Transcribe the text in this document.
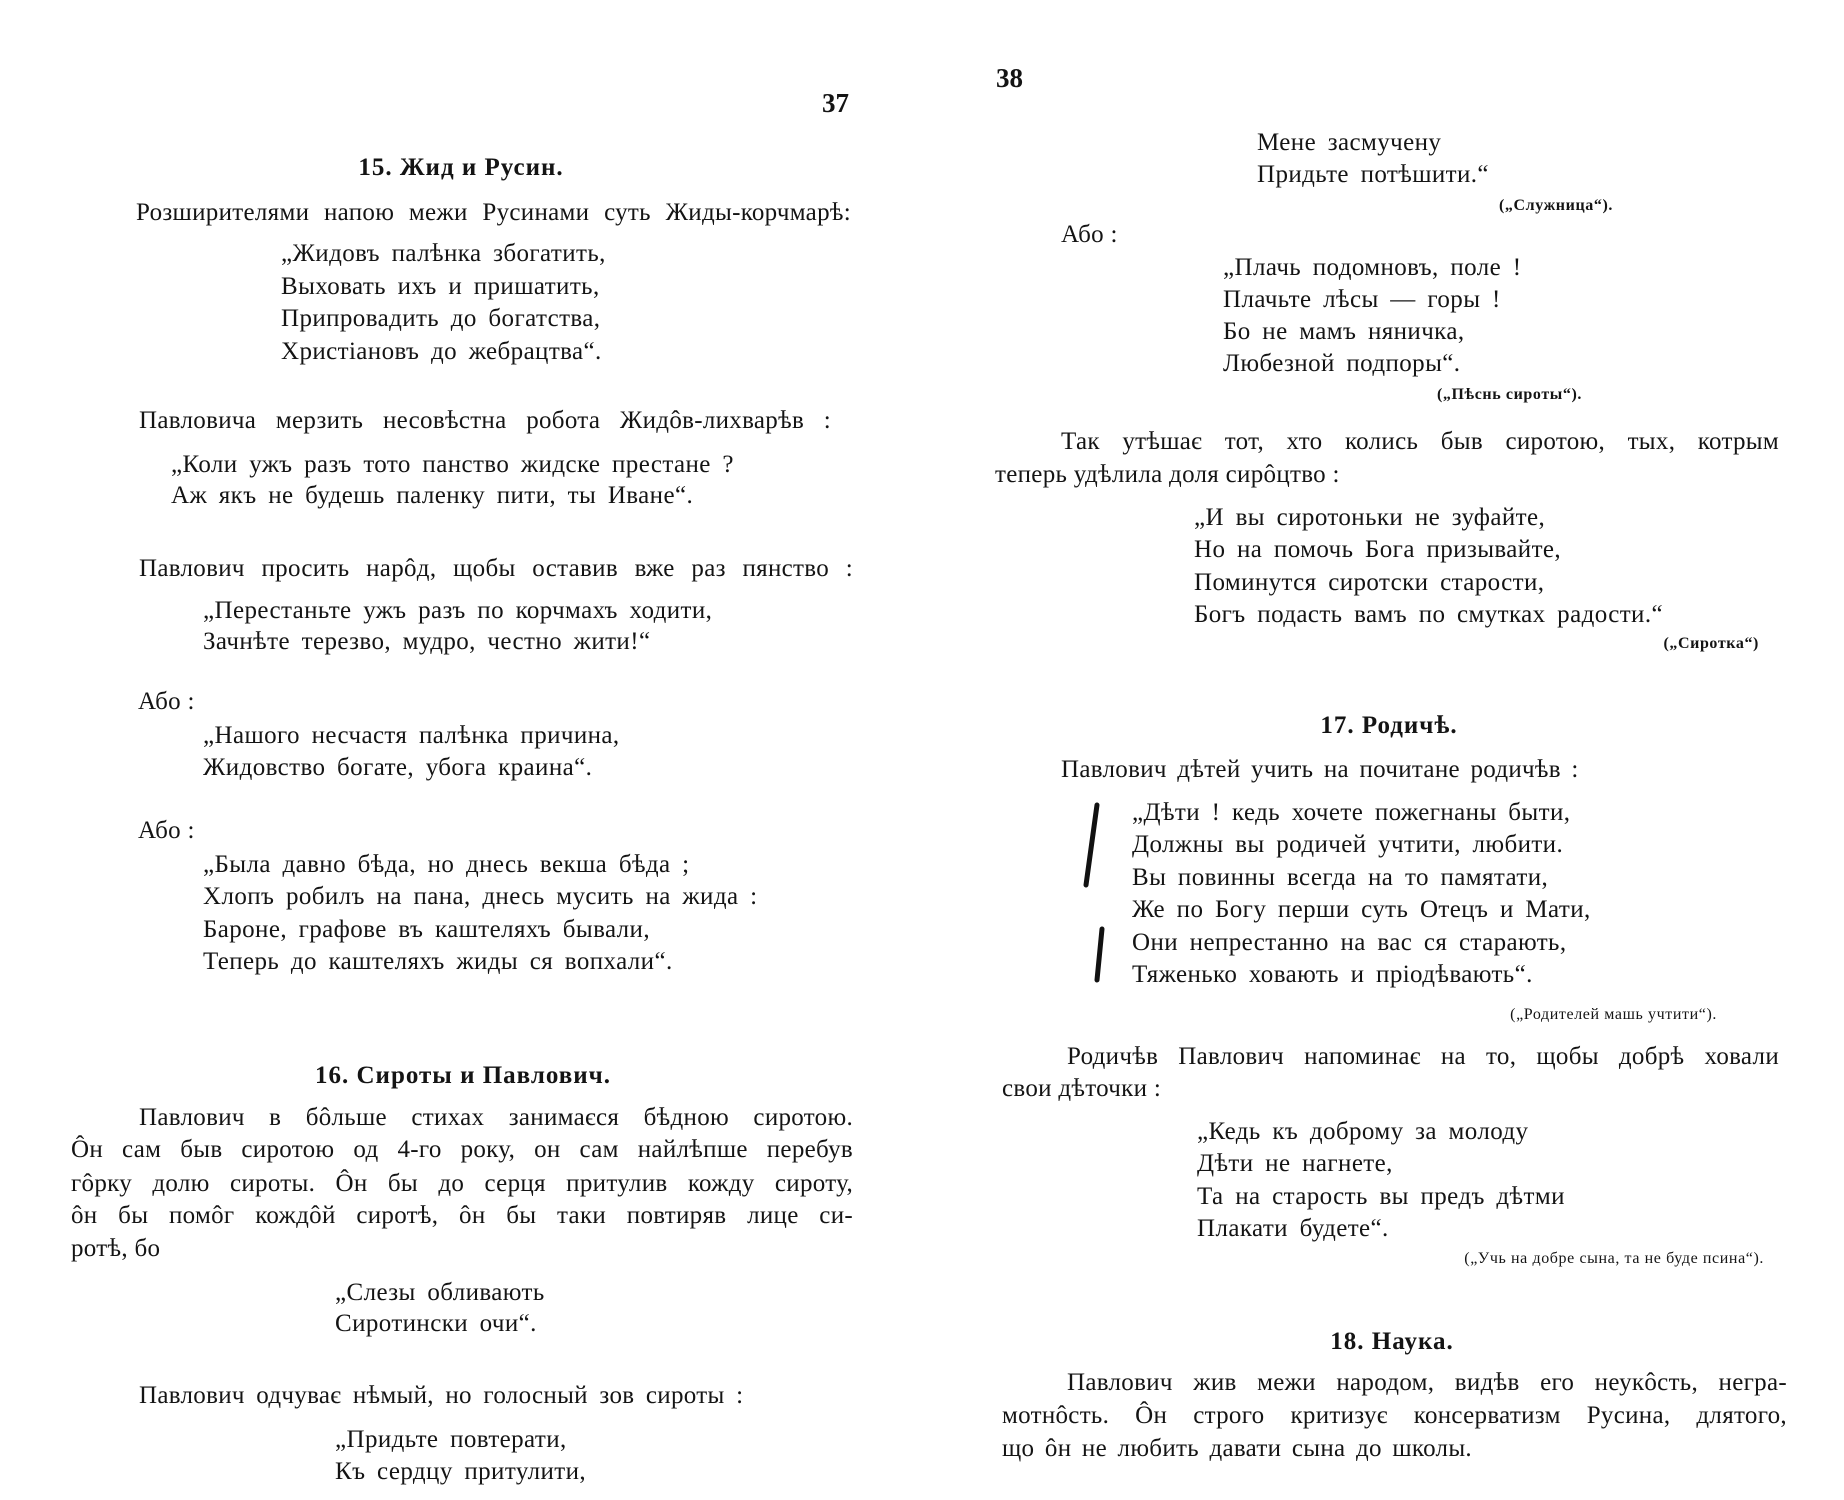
37
15. Жид и Русин.
Розширителями напою межи Русинами суть Жиды-корчмарѣ:
„Жидовъ палѣнка збогатить,
Выховать ихъ и пришатить,
Припровадить до богатства,
Христіановъ до жебрацтва“.
Павловича мерзить несовѣстна робота Жидôв-лихварѣв :
„Коли ужъ разъ тото панство жидске престане ?
Аж якъ не будешь паленку пити, ты Иване“.
Павлович просить нарôд, щобы оставив вже раз пянство :
„Перестаньте ужъ разъ по корчмахъ ходити,
Зачнѣте терезво, мудро, честно жити!“
Або :
„Нашого несчастя палѣнка причина,
Жидовство богате, убога краина“.
Або :
„Была давно бѣда, но днесь векша бѣда ;
Хлопъ робилъ на пана, днесь мусить на жида :
Бароне, графове въ каштеляхъ бывали,
Теперь до каштеляхъ жиды ся вопхали“.
16. Сироты и Павлович.
Павлович в бôльше стихах занимаєся бѣдною сиротою.
Ôн сам быв сиротою од 4-го року, он сам найлѣпше перебув
гôрку долю сироты. Ôн бы до серця притулив кожду сироту,
ôн бы помôг кождôй сиротѣ, ôн бы таки повтиряв лице си-
ротѣ, бо
„Слезы обливають
Сиротински очи“.
Павлович одчуває нѣмый, но голосный зов сироты :
„Придьте повтерати,
Къ сердцу притулити,
38
Мене засмучену
Придьте потѣшити.“
(„Служница“).
Або :
„Плачь подомновъ, поле !
Плачьте лѣсы — горы !
Бо не мамъ няничка,
Любезной подпоры“.
(„Пѣснь сироты“).
Так утѣшає тот, хто колись быв сиротою, тых, котрым
теперь удѣлила доля сирôцтво :
„И вы сиротоньки не зуфайте,
Но на помочь Бога призывайте,
Поминутся сиротски старости,
Богъ подасть вамъ по смутках радости.“
(„Сиротка“)
17. Родичѣ.
Павлович дѣтей учить на почитане родичѣв :
„Дѣти ! кедь хочете пожегнаны быти,
Должны вы родичей учтити, любити.
Вы повинны всегда на то памятати,
Же по Богу перши суть Отецъ и Мати,
Они непрестанно на вас ся старають,
Тяженько ховають и пріодѣвають“.
(„Родителей машь учтити“).
Родичѣв Павлович напоминає на то, щобы добрѣ ховали
свои дѣточки :
„Кедь къ доброму за молоду
Дѣти не нагнете,
Та на старость вы предъ дѣтми
Плакати будете“.
(„Учь на добре сына, та не буде псина“).
18. Наука.
Павлович жив межи народом, видѣв его неукôсть, негра-
мотнôсть. Ôн строго критизує консерватизм Русина, длятого,
що ôн не любить давати сына до школы.
